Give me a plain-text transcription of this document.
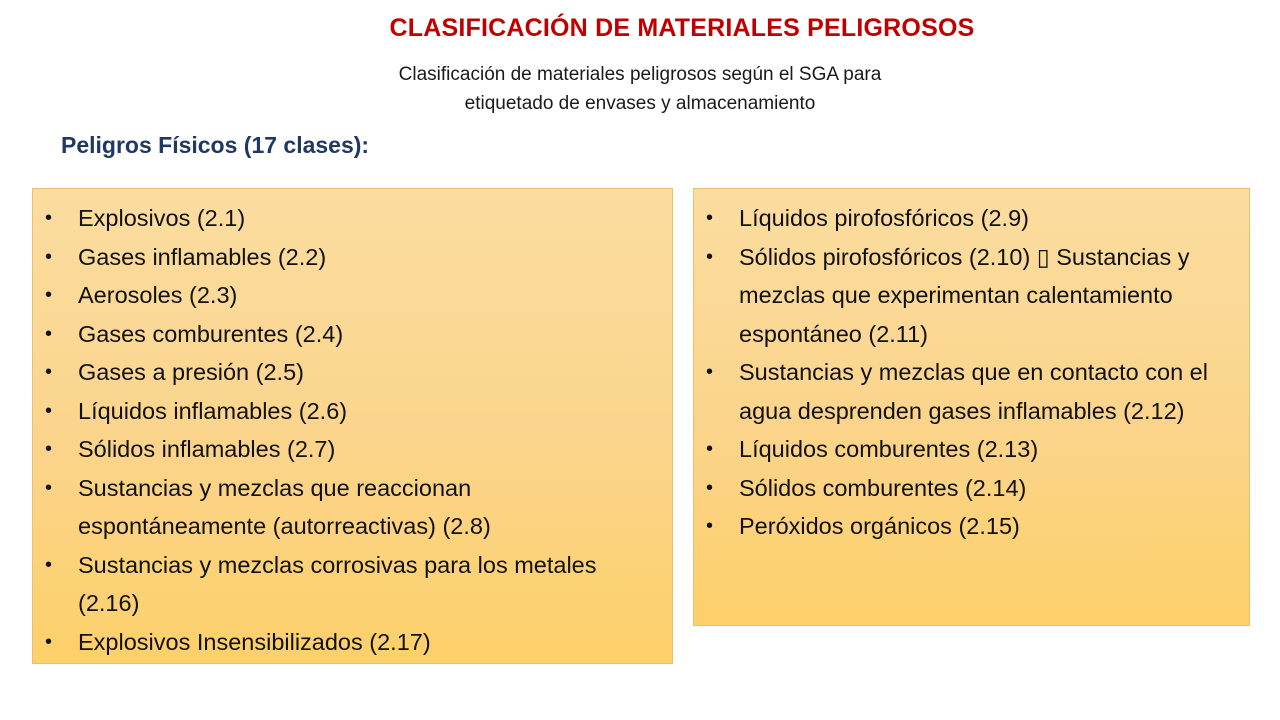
CLASIFICACIÓN DE MATERIALES PELIGROSOS
Clasificación de materiales peligrosos según el SGA para
etiquetado de envases y almacenamiento
Peligros Físicos (17 clases):
• Explosivos (2.1)
• Gases inflamables (2.2)
• Aerosoles (2.3)
• Gases comburentes (2.4)
• Gases a presión (2.5)
• Líquidos inflamables (2.6)
• Sólidos inflamables (2.7)
• Sustancias y mezclas que reaccionan espontáneamente (autorreactivas) (2.8)
• Sustancias y mezclas corrosivas para los metales (2.16)
• Explosivos Insensibilizados (2.17)
• Líquidos pirofosfóricos (2.9)
• Sólidos pirofosfóricos (2.10) ▯ Sustancias y mezclas que experimentan calentamiento espontáneo (2.11)
• Sustancias y mezclas que en contacto con el agua desprenden gases inflamables (2.12)
• Líquidos comburentes (2.13)
• Sólidos comburentes (2.14)
• Peróxidos orgánicos (2.15)
